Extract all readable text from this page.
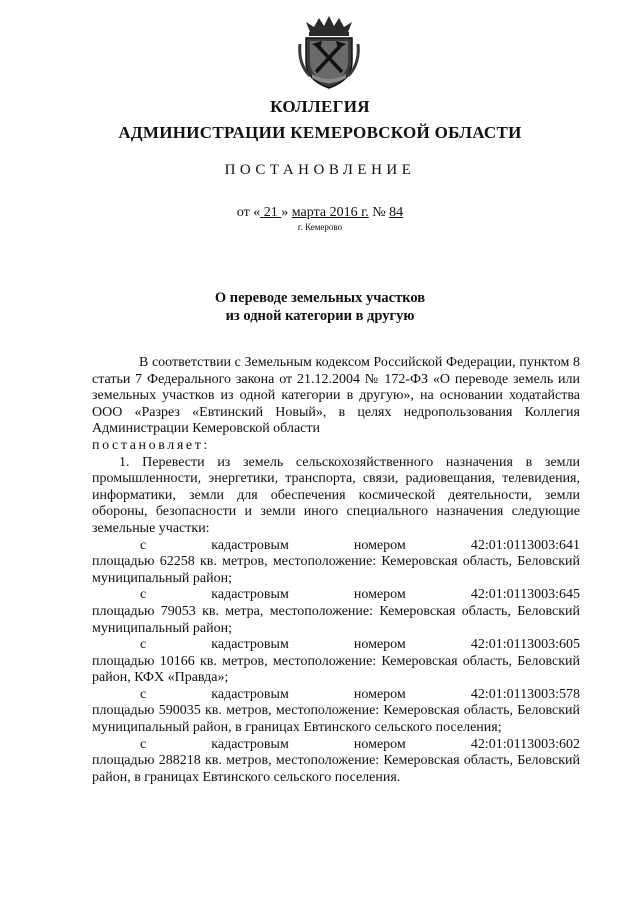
КОЛЛЕГИЯ
АДМИНИСТРАЦИИ КЕМЕРОВСКОЙ ОБЛАСТИ
ПОСТАНОВЛЕНИЕ
от « 21 » марта 2016 г. № 84
г. Кемерово
О переводе земельных участков
из одной категории в другую

В соответствии с Земельным кодексом Российской Федерации, пунктом 8 статьи 7 Федерального закона от 21.12.2004 № 172-ФЗ «О переводе земель или земельных участков из одной категории в другую», на основании ходатайства ООО «Разрез «Евтинский Новый», в целях недропользования Коллегия Администрации Кемеровской области

постановляет:

1. Перевести из земель сельскохозяйственного назначения в земли промышленности, энергетики, транспорта, связи, радиовещания, телевидения, информатики, земли для обеспечения космической деятельности, земли обороны, безопасности и земли иного специального назначения следующие земельные участки:

с	кадастровым	номером	42:01:0113003:641

площадью 62258 кв. метров, местоположение: Кемеровская область, Беловский муниципальный район;

с	кадастровым	номером	42:01:0113003:645

площадью 79053 кв. метра, местоположение: Кемеровская область, Беловский муниципальный район;

с	кадастровым	номером	42:01:0113003:605

площадью 10166 кв. метров, местоположение: Кемеровская область, Беловский район, КФХ «Правда»;

с	кадастровым	номером	42:01:0113003:578

площадью 590035 кв. метров, местоположение: Кемеровская область, Беловский муниципальный район, в границах Евтинского сельского поселения;

с	кадастровым	номером	42:01:0113003:602

площадью 288218 кв. метров, местоположение: Кемеровская область, Беловский район, в границах Евтинского сельского поселения.
